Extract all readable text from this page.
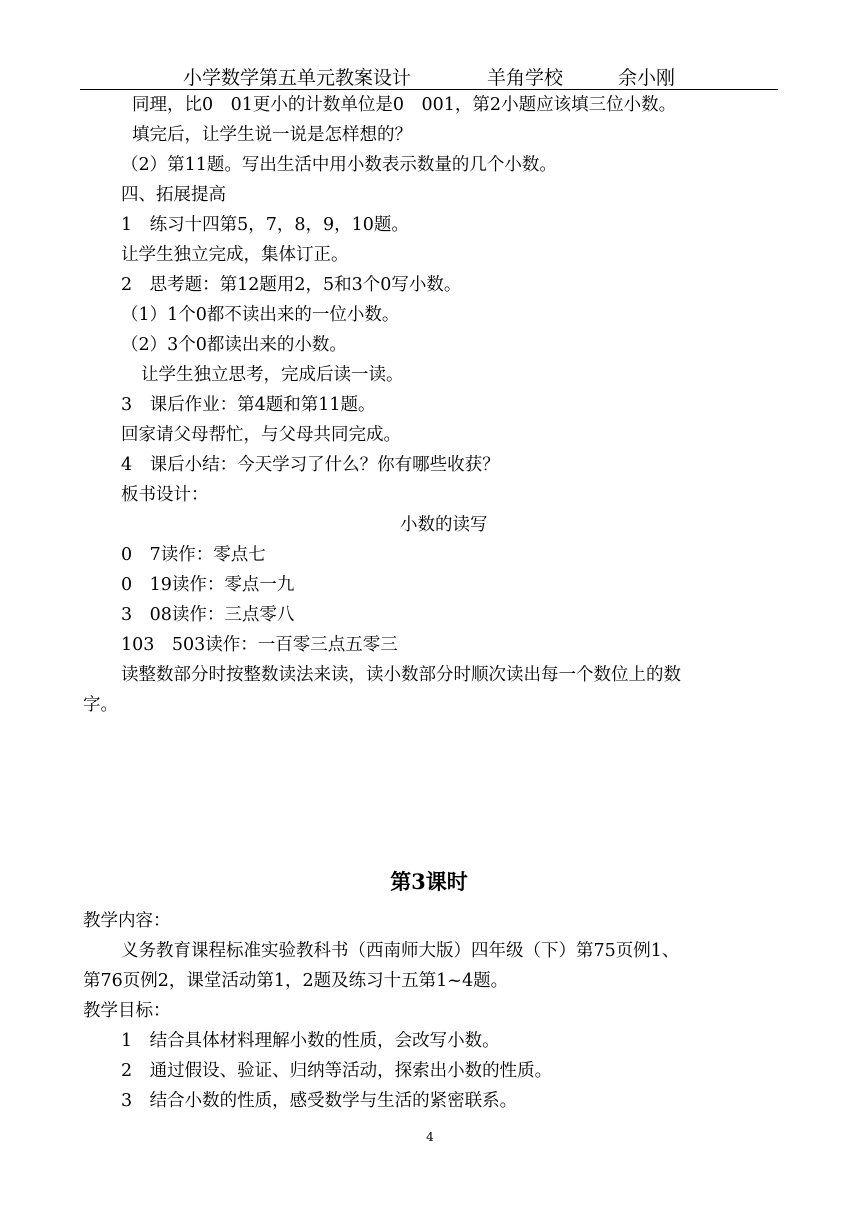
小学数学第五单元教案设计	羊角学校	余小刚
同理，比0　01更小的计数单位是0　001，第2小题应该填三位小数。
填完后，让学生说一说是怎样想的？
（2）第11题。写出生活中用小数表示数量的几个小数。
四、拓展提高
1　练习十四第5，7，8，9，10题。
让学生独立完成，集体订正。
2　思考题：第12题用2，5和3个0写小数。
（1）1个0都不读出来的一位小数。
（2）3个0都读出来的小数。
让学生独立思考，完成后读一读。
3　课后作业：第4题和第11题。
回家请父母帮忙，与父母共同完成。
4　课后小结：今天学习了什么？你有哪些收获？
板书设计：
小数的读写
0　7读作：零点七
0　19读作：零点一九
3　08读作：三点零八
103　503读作：一百零三点五零三
读整数部分时按整数读法来读，读小数部分时顺次读出每一个数位上的数
字。
第3课时
教学内容：
义务教育课程标准实验教科书（西南师大版）四年级（下）第75页例1、
第76页例2，课堂活动第1，2题及练习十五第1~4题。
教学目标：
1　结合具体材料理解小数的性质，会改写小数。
2　通过假设、验证、归纳等活动，探索出小数的性质。
3　结合小数的性质，感受数学与生活的紧密联系。
4
